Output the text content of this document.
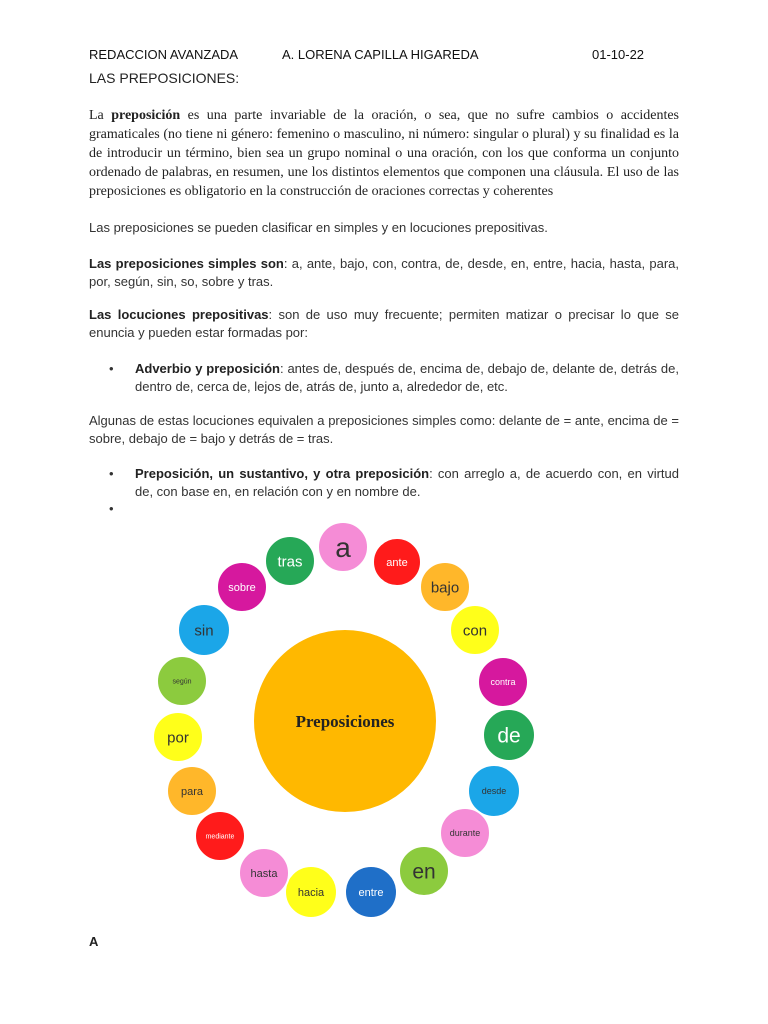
REDACCION AVANZADA	A. LORENA CAPILLA HIGAREDA	01-10-22
LAS PREPOSICIONES:
La preposición es una parte invariable de la oración, o sea, que no sufre cambios o accidentes gramaticales (no tiene ni género: femenino o masculino, ni número: singular o plural) y su finalidad es la de introducir un término, bien sea un grupo nominal o una oración, con los que conforma un conjunto ordenado de palabras, en resumen, une los distintos elementos que componen una cláusula. El uso de las preposiciones es obligatorio en la construcción de oraciones correctas y coherentes
Las preposiciones se pueden clasificar en simples y en locuciones prepositivas.
Las preposiciones simples son: a, ante, bajo, con, contra, de, desde, en, entre, hacia, hasta, para, por, según, sin, so, sobre y tras.
Las locuciones prepositivas: son de uso muy frecuente; permiten matizar o precisar lo que se enuncia y pueden estar formadas por:
• Adverbio y preposición: antes de, después de, encima de, debajo de, delante de, detrás de, dentro de, cerca de, lejos de, atrás de, junto a, alrededor de, etc.
Algunas de estas locuciones equivalen a preposiciones simples como: delante de = ante, encima de = sobre, debajo de = bajo y detrás de = tras.
• Preposición, un sustantivo, y otra preposición: con arreglo a, de acuerdo con, en virtud de, con base en, en relación con y en nombre de.
•
Preposiciones
a
ante
bajo
con
contra
de
desde
durante
en
entre
hacia
hasta
mediante
para
por
según
sin
sobre
tras
A
